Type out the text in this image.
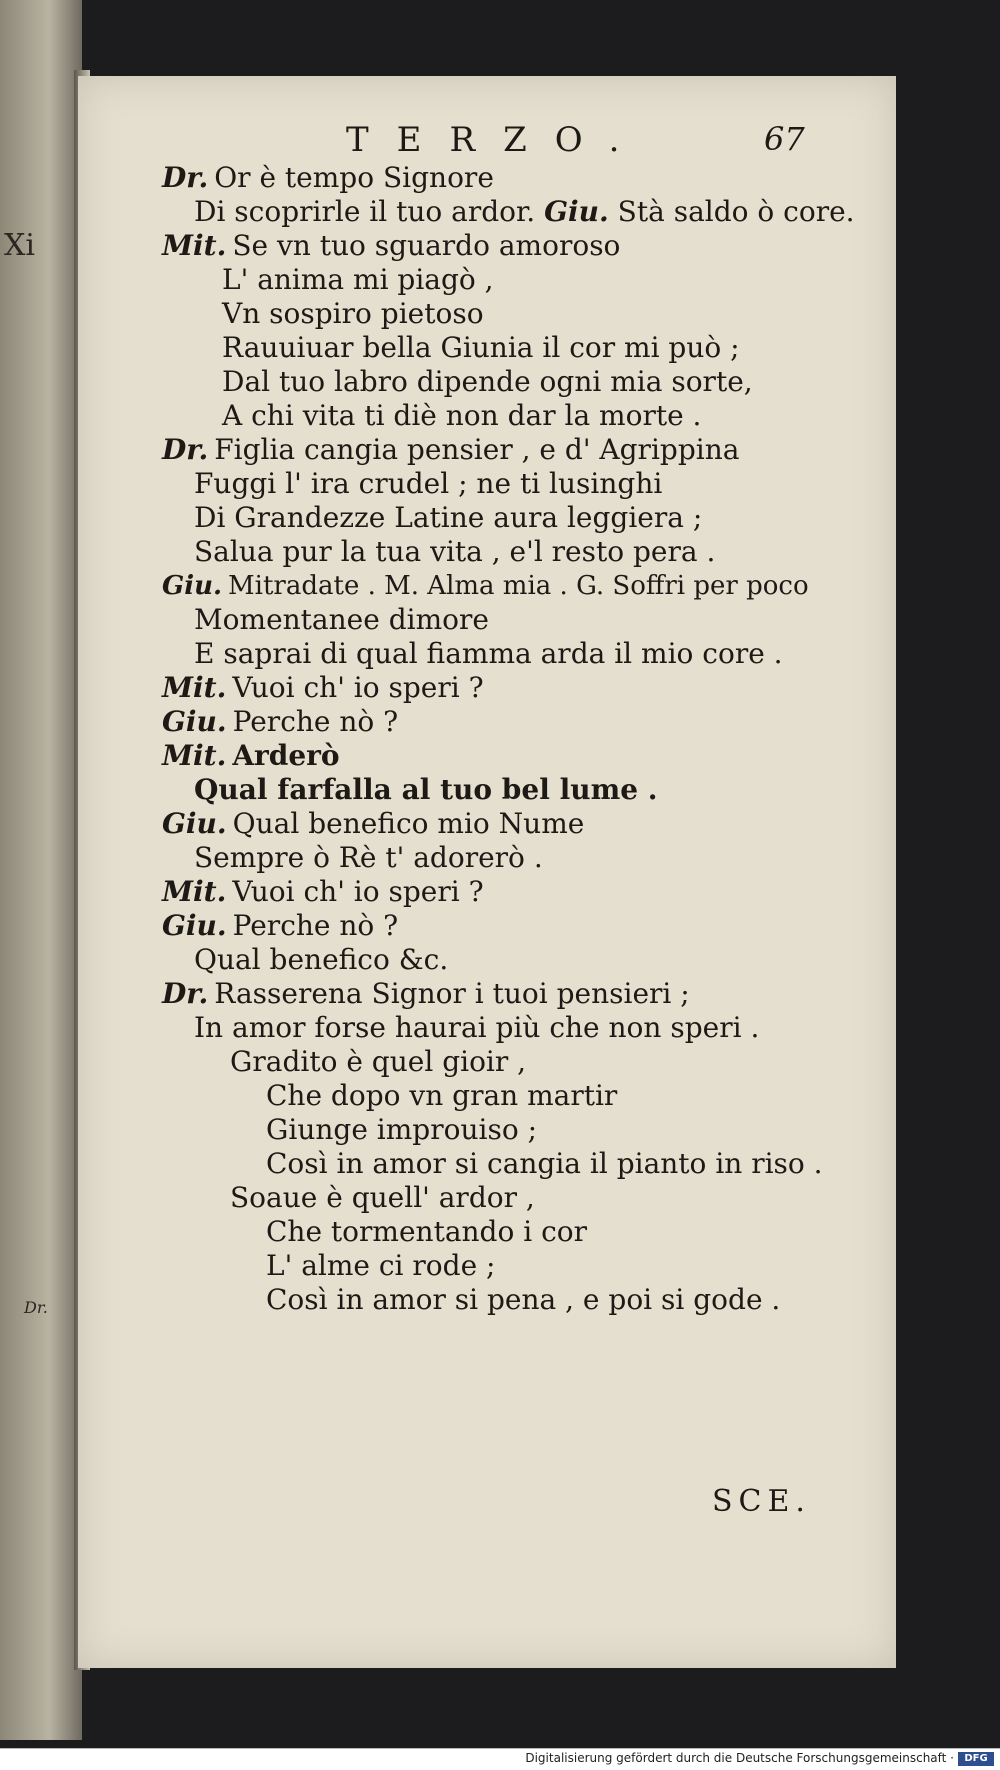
Xi
Dr.
TERZO.	67
Dr. Or è tempo Signore
Di scoprirle il tuo ardor. Giu. Stà saldo ò core.
Mit. Se vn tuo sguardo amoroso
L' anima mi piagò ,
Vn sospiro pietoso
Rauuiuar bella Giunia il cor mi può ;
Dal tuo labro dipende ogni mia sorte,
A chi vita ti diè non dar la morte .
Dr. Figlia cangia pensier , e d' Agrippina
Fuggi l' ira crudel ; ne ti lusinghi
Di Grandezze Latine aura leggiera ;
Salua pur la tua vita , e'l resto pera .
Giu. Mitradate . M. Alma mia . G. Soffri per poco
Momentanee dimore
E saprai di qual fiamma arda il mio core .
Mit. Vuoi ch' io speri ?
Giu. Perche nò ?
Mit. Arderò
Qual farfalla al tuo bel lume .
Giu. Qual benefico mio Nume
Sempre ò Rè t' adorerò .
Mit. Vuoi ch' io speri ?
Giu. Perche nò ?
Qual benefico &c.
Dr. Rasserena Signor i tuoi pensieri ;
In amor forse haurai più che non speri .
Gradito è quel gioir ,
Che dopo vn gran martir
Giunge improuiso ;
Così in amor si cangia il pianto in riso .
Soaue è quell' ardor ,
Che tormentando i cor
L' alme ci rode ;
Così in amor si pena , e poi si gode .
SCE.
Digitalisierung gefördert durch die Deutsche Forschungsgemeinschaft ·	DFG
